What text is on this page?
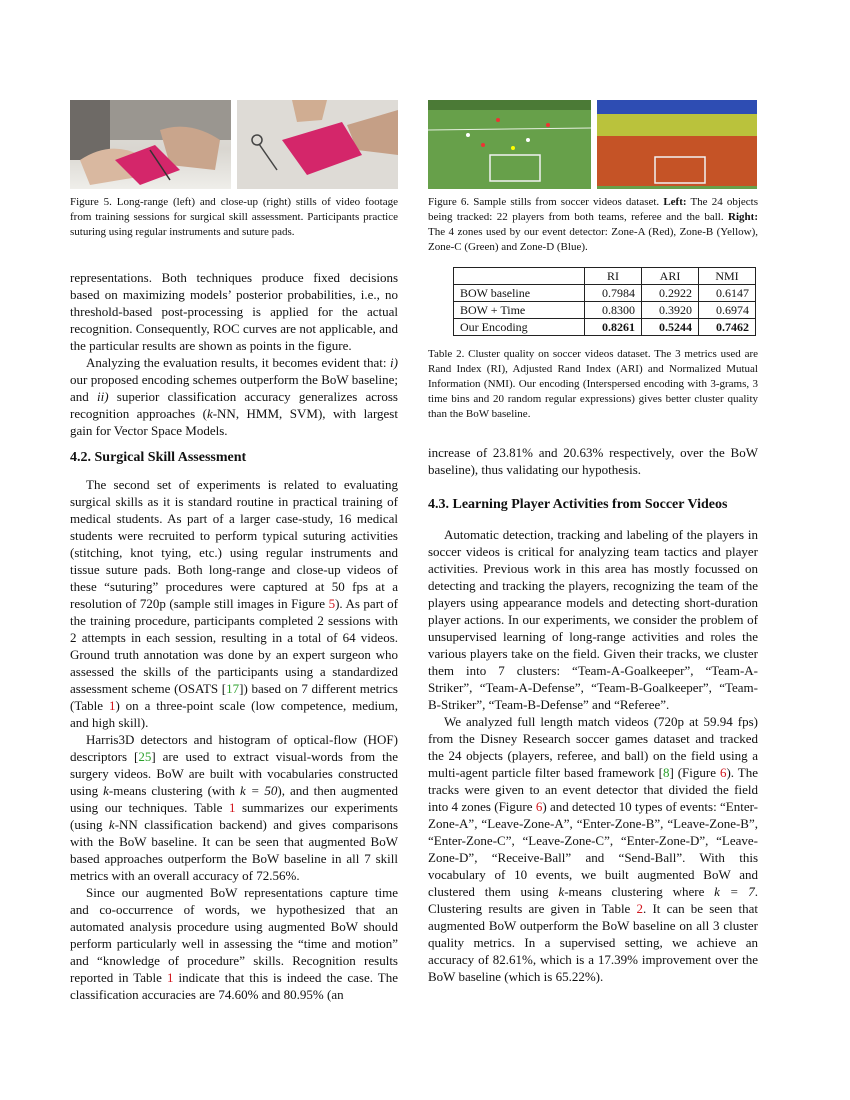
Figure 5. Long-range (left) and close-up (right) stills of video footage from training sessions for surgical skill assessment. Participants practice suturing using regular instruments and suture pads.
Figure 6. Sample stills from soccer videos dataset. Left: The 24 objects being tracked: 22 players from both teams, referee and the ball. Right: The 4 zones used by our event detector: Zone-A (Red), Zone-B (Yellow), Zone-C (Green) and Zone-D (Blue).
	RI	ARI	NMI
BOW baseline	0.7984	0.2922	0.6147
BOW + Time	0.8300	0.3920	0.6974
Our Encoding	0.8261	0.5244	0.7462
Table 2. Cluster quality on soccer videos dataset. The 3 metrics used are Rand Index (RI), Adjusted Rand Index (ARI) and Normalized Mutual Information (NMI). Our encoding (Interspersed encoding with 3-grams, 3 time bins and 20 random regular expressions) gives better cluster quality than the BoW baseline.

representations. Both techniques produce fixed decisions based on maximizing models’ posterior probabilities, i.e., no threshold-based post-processing is applied for the actual recognition. Consequently, ROC curves are not applicable, and the particular results are shown as points in the figure.

Analyzing the evaluation results, it becomes evident that: i) our proposed encoding schemes outperform the BoW baseline; and ii) superior classification accuracy generalizes across recognition approaches (k-NN, HMM, SVM), with largest gain for Vector Space Models.

4.2. Surgical Skill Assessment

The second set of experiments is related to evaluating surgical skills as it is standard routine in practical training of medical students. As part of a larger case-study, 16 medical students were recruited to perform typical suturing activities (stitching, knot tying, etc.) using regular instruments and tissue suture pads. Both long-range and close-up videos of these “suturing” procedures were captured at 50 fps at a resolution of 720p (sample still images in Figure 5). As part of the training procedure, participants completed 2 sessions with 2 attempts in each session, resulting in a total of 64 videos. Ground truth annotation was done by an expert surgeon who assessed the skills of the participants using a standardized assessment scheme (OSATS [17]) based on 7 different metrics (Table 1) on a three-point scale (low competence, medium, and high skill).

Harris3D detectors and histogram of optical-flow (HOF) descriptors [25] are used to extract visual-words from the surgery videos. BoW are built with vocabularies constructed using k-means clustering (with k = 50), and then augmented using our techniques. Table 1 summarizes our experiments (using k-NN classification backend) and gives comparisons with the BoW baseline. It can be seen that augmented BoW based approaches outperform the BoW baseline in all 7 skill metrics with an overall accuracy of 72.56%.

Since our augmented BoW representations capture time and co-occurrence of words, we hypothesized that an automated analysis procedure using augmented BoW should perform particularly well in assessing the “time and motion” and “knowledge of procedure” skills. Recognition results reported in Table 1 indicate that this is indeed the case. The classification accuracies are 74.60% and 80.95% (an

increase of 23.81% and 20.63% respectively, over the BoW baseline), thus validating our hypothesis.

4.3. Learning Player Activities from Soccer Videos

Automatic detection, tracking and labeling of the players in soccer videos is critical for analyzing team tactics and player activities. Previous work in this area has mostly focussed on detecting and tracking the players, recognizing the team of the players using appearance models and detecting short-duration player actions. In our experiments, we consider the problem of unsupervised learning of long-range activities and roles the various players take on the field. Given their tracks, we cluster them into 7 clusters: “Team-A-Goalkeeper”, “Team-A-Striker”, “Team-A-Defense”, “Team-B-Goalkeeper”, “Team-B-Striker”, “Team-B-Defense” and “Referee”.

We analyzed full length match videos (720p at 59.94 fps) from the Disney Research soccer games dataset and tracked the 24 objects (players, referee, and ball) on the field using a multi-agent particle filter based framework [8] (Figure 6). The tracks were given to an event detector that divided the field into 4 zones (Figure 6) and detected 10 types of events: “Enter-Zone-A”, “Leave-Zone-A”, “Enter-Zone-B”, “Leave-Zone-B”, “Enter-Zone-C”, “Leave-Zone-C”, “Enter-Zone-D”, “Leave-Zone-D”, “Receive-Ball” and “Send-Ball”. With this vocabulary of 10 events, we built augmented BoW and clustered them using k-means clustering where k = 7. Clustering results are given in Table 2. It can be seen that augmented BoW outperform the BoW baseline on all 3 cluster quality metrics. In a supervised setting, we achieve an accuracy of 82.61%, which is a 17.39% improvement over the BoW baseline (which is 65.22%).
